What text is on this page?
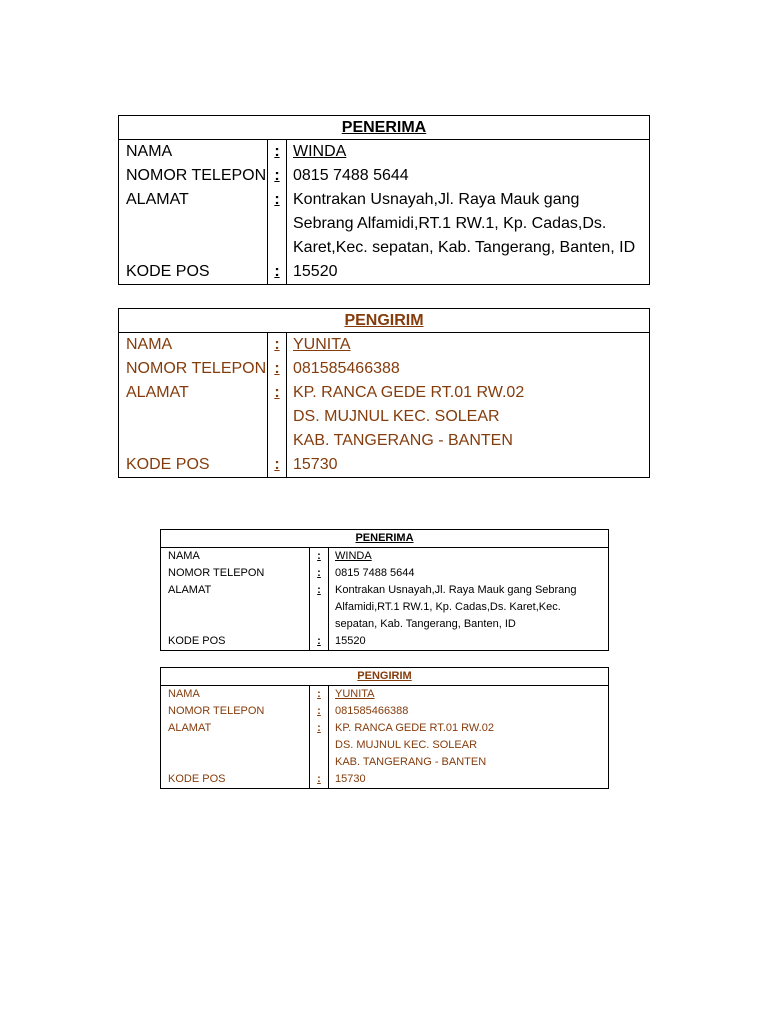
PENERIMA
NAMA
NOMOR TELEPON
ALAMAT
KODE POS
:
:
:
:
WINDA
0815 7488 5644
Kontrakan Usnayah,Jl. Raya Mauk gang
Sebrang Alfamidi,RT.1 RW.1, Kp. Cadas,Ds.
Karet,Kec. sepatan, Kab. Tangerang, Banten, ID
15520
PENGIRIM
NAMA
NOMOR TELEPON
ALAMAT
KODE POS
:
:
:
:
YUNITA
081585466388
KP. RANCA GEDE RT.01 RW.02
DS. MUJNUL KEC. SOLEAR
KAB. TANGERANG - BANTEN
15730
PENERIMA
NAMA
NOMOR TELEPON
ALAMAT
KODE POS
:
:
:
:
WINDA
0815 7488 5644
Kontrakan Usnayah,Jl. Raya Mauk gang Sebrang
Alfamidi,RT.1 RW.1, Kp. Cadas,Ds. Karet,Kec.
sepatan, Kab. Tangerang, Banten, ID
15520
PENGIRIM
NAMA
NOMOR TELEPON
ALAMAT
KODE POS
:
:
:
:
YUNITA
081585466388
KP. RANCA GEDE RT.01 RW.02
DS. MUJNUL KEC. SOLEAR
KAB. TANGERANG - BANTEN
15730
